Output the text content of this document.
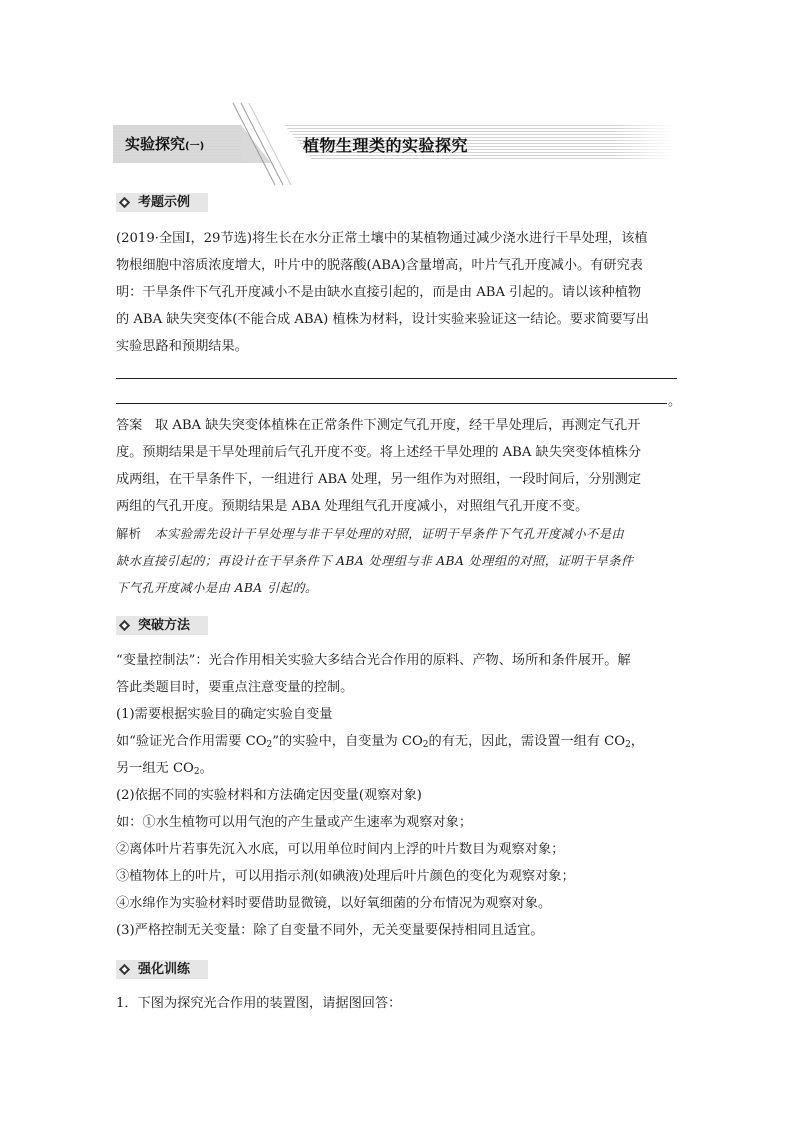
实验探究(一)	植物生理类的实验探究
考题示例

(2019·全国Ⅰ，29节选)将生长在水分正常土壤中的某植物通过减少浇水进行干旱处理，该植

物根细胞中溶质浓度增大，叶片中的脱落酸(ABA)含量增高，叶片气孔开度减小。有研究表

明：干旱条件下气孔开度减小不是由缺水直接引起的，而是由 ABA 引起的。请以该种植物

的 ABA 缺失突变体(不能合成 ABA) 植株为材料，设计实验来验证这一结论。要求简要写出

实验思路和预期结果。

。

答案 取 ABA 缺失突变体植株在正常条件下测定气孔开度，经干旱处理后，再测定气孔开

度。预期结果是干旱处理前后气孔开度不变。将上述经干旱处理的 ABA 缺失突变体植株分

成两组，在干旱条件下，一组进行 ABA 处理，另一组作为对照组，一段时间后，分别测定

两组的气孔开度。预期结果是 ABA 处理组气孔开度减小，对照组气孔开度不变。

解析 本实验需先设计干旱处理与非干旱处理的对照，证明干旱条件下气孔开度减小不是由

缺水直接引起的；再设计在干旱条件下 ABA 处理组与非 ABA 处理组的对照，证明干旱条件

下气孔开度减小是由 ABA 引起的。

突破方法

“变量控制法”：光合作用相关实验大多结合光合作用的原料、产物、场所和条件展开。解

答此类题目时，要重点注意变量的控制。

(1)需要根据实验目的确定实验自变量

如“验证光合作用需要 $CO_2$”的实验中，自变量为 $CO_2$的有无，因此，需设置一组有 $CO_2$，

另一组无 $CO_2$。

(2)依据不同的实验材料和方法确定因变量(观察对象)

如：①水生植物可以用气泡的产生量或产生速率为观察对象；

②离体叶片若事先沉入水底，可以用单位时间内上浮的叶片数目为观察对象；

③植物体上的叶片，可以用指示剂(如碘液)处理后叶片颜色的变化为观察对象；

④水绵作为实验材料时要借助显微镜，以好氧细菌的分布情况为观察对象。

(3)严格控制无关变量：除了自变量不同外，无关变量要保持相同且适宜。

强化训练

1．下图为探究光合作用的装置图，请据图回答：
